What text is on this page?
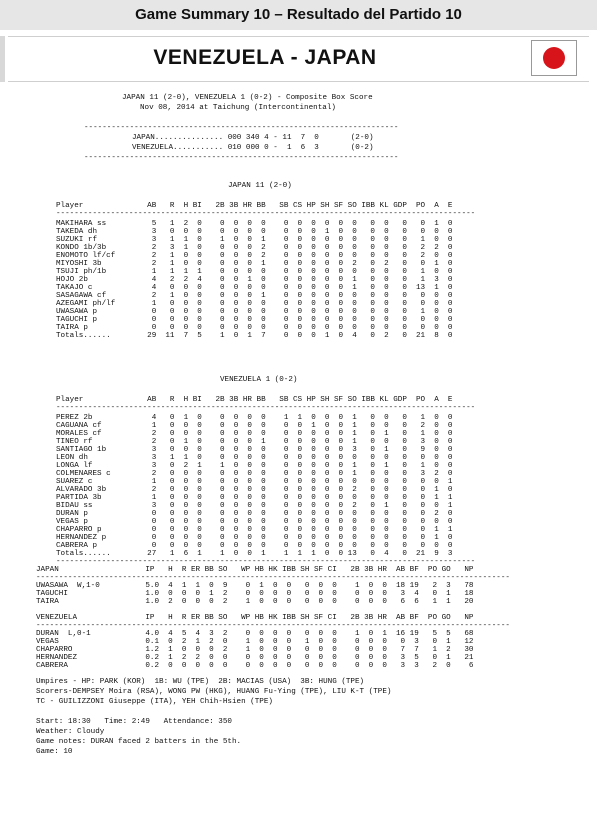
Game Summary 10 – Resultado del Partido 10
VENEZUELA - JAPAN
JAPAN 11 (2-0), VENEZUELA 1 (0-2) - Composite Box Score
Nov 08, 2014 at Taichung (Intercontinental)
---------------------------------------------------------------------
JAPAN............... 000 340 4 - 11  7  0       (2-0)
VENEZUELA........... 010 000 0 -  1  6  3       (0-2)
---------------------------------------------------------------------
JAPAN 11 (2-0)
Player              AB   R  H BI   2B 3B HR BB   SB CS HP SH SF SO IBB KL GDP  PO  A  E
--------------------------------------------------------------------------------------------
MAKIHARA ss          5   1  2  0    0  0  0  0    0  0  0  0  0  0   0  0   0   0  1  0
TAKEDA dh            3   0  0  0    0  0  0  0    0  0  0  1  0  0   0  0   0   0  0  0
SUZUKI rf            3   1  1  0    1  0  0  1    0  0  0  0  0  0   0  0   0   1  0  0
KONDO 1b/3b          2   3  1  0    0  0  0  2    0  0  0  0  0  0   0  0   0   2  2  0
ENOMOTO lf/cf        2   1  0  0    0  0  0  2    0  0  0  0  0  0   0  0   0   2  0  0
MIYOSHI 3b           2   1  0  0    0  0  0  1    0  0  0  0  0  2   0  2   0   0  1  0
TSUJI ph/1b          1   1  1  1    0  0  0  0    0  0  0  0  0  0   0  0   0   1  0  0
HOJO 2b              4   2  2  4    0  0  1  0    0  0  0  0  0  1   0  0   0   1  3  0
TAKAJO c             4   0  0  0    0  0  0  0    0  0  0  0  0  1   0  0   0  13  1  0
SASAGAWA cf          2   1  0  0    0  0  0  1    0  0  0  0  0  0   0  0   0   0  0  0
AZEGAMI ph/lf        1   0  0  0    0  0  0  0    0  0  0  0  0  0   0  0   0   0  0  0
UWASAWA p            0   0  0  0    0  0  0  0    0  0  0  0  0  0   0  0   0   1  0  0
TAGUCHI p            0   0  0  0    0  0  0  0    0  0  0  0  0  0   0  0   0   0  0  0
TAIRA p              0   0  0  0    0  0  0  0    0  0  0  0  0  0   0  0   0   0  0  0
Totals......        29  11  7  5    1  0  1  7    0  0  0  1  0  4   0  2   0  21  8  0
VENEZUELA 1 (0-2)
Player              AB   R  H BI   2B 3B HR BB   SB CS HP SH SF SO IBB KL GDP  PO  A  E
--------------------------------------------------------------------------------------------
PEREZ 2b             4   0  1  0    0  0  0  0    1  1  0  0  0  1   0  0   0   1  0  0
CAGUANA cf           1   0  0  0    0  0  0  0    0  0  1  0  0  1   0  0   0   2  0  0
MORALES cf           2   0  0  0    0  0  0  0    0  0  0  0  0  1   0  1   0   1  0  0
TINEO rf             2   0  1  0    0  0  0  1    0  0  0  0  0  1   0  0   0   3  0  0
SANTIAGO 1b          3   0  0  0    0  0  0  0    0  0  0  0  0  3   0  1   0   9  0  0
LEON dh              3   1  1  0    0  0  0  0    0  0  0  0  0  0   0  0   0   0  0  0
LONGA lf             3   0  2  1    1  0  0  0    0  0  0  0  0  1   0  1   0   1  0  0
COLMENARES c         2   0  0  0    0  0  0  0    0  0  0  0  0  1   0  0   0   3  2  0
SUAREZ c             1   0  0  0    0  0  0  0    0  0  0  0  0  0   0  0   0   0  0  1
ALVARADO 3b          2   0  0  0    0  0  0  0    0  0  0  0  0  2   0  0   0   0  1  0
PARTIDA 3b           1   0  0  0    0  0  0  0    0  0  0  0  0  0   0  0   0   0  1  1
BIDAU ss             3   0  0  0    0  0  0  0    0  0  0  0  0  2   0  1   0   0  0  1
DURAN p              0   0  0  0    0  0  0  0    0  0  0  0  0  0   0  0   0   0  2  0
VEGAS p              0   0  0  0    0  0  0  0    0  0  0  0  0  0   0  0   0   0  0  0
CHAPARRO p           0   0  0  0    0  0  0  0    0  0  0  0  0  0   0  0   0   0  1  1
HERNANDEZ p          0   0  0  0    0  0  0  0    0  0  0  0  0  0   0  0   0   0  1  0
CABRERA p            0   0  0  0    0  0  0  0    0  0  0  0  0  0   0  0   0   0  0  0
Totals......        27   1  6  1    1  0  0  1    1  1  1  0  0 13   0  4   0  21  9  3
--------------------------------------------------------------------------------------------
JAPAN                   IP   H  R ER BB SO   WP HB HK IBB SH SF CI   2B 3B HR  AB BF  PO GO   NP
--------------------------------------------------------------------------------------------------------
UWASAWA  W,1-0          5.0  4  1  1  0  9    0  1  0  0   0  0  0    1  0  0  18 19   2  3   78
TAGUCHI                 1.0  0  0  0  1  2    0  0  0  0   0  0  0    0  0  0   3  4   0  1   18
TAIRA                   1.0  2  0  0  0  2    1  0  0  0   0  0  0    0  0  0   6  6   1  1   20
VENEZUELA               IP   H  R ER BB SO   WP HB HK IBB SH SF CI   2B 3B HR  AB BF  PO GO   NP
--------------------------------------------------------------------------------------------------------
DURAN  L,0-1            4.0  4  5  4  3  2    0  0  0  0   0  0  0    1  0  1  16 19   5  5   68
VEGAS                   0.1  0  2  1  2  0    1  0  0  0   1  0  0    0  0  0   0  3   0  1   12
CHAPARRO                1.2  1  0  0  0  2    1  0  0  0   0  0  0    0  0  0   7  7   1  2   30
HERNANDEZ               0.2  1  2  2  0  0    0  0  0  0   0  0  0    0  0  0   3  5   0  1   21
CABRERA                 0.2  0  0  0  0  0    0  0  0  0   0  0  0    0  0  0   3  3   2  0    6
Umpires - HP: PARK (KOR)  1B: WU (TPE)  2B: MACIAS (USA)  3B: HUNG (TPE)
Scorers-DEMPSEY Moira (RSA), WONG PW (HKG), HUANG Fu-Ying (TPE), LIU K-T (TPE)
TC - GUILIZZONI Giuseppe (ITA), YEH Chih-Hsien (TPE)
Start: 18:30   Time: 2:49   Attendance: 350
Weather: Cloudy
Game notes: DURAN faced 2 batters in the 5th.
Game: 10
